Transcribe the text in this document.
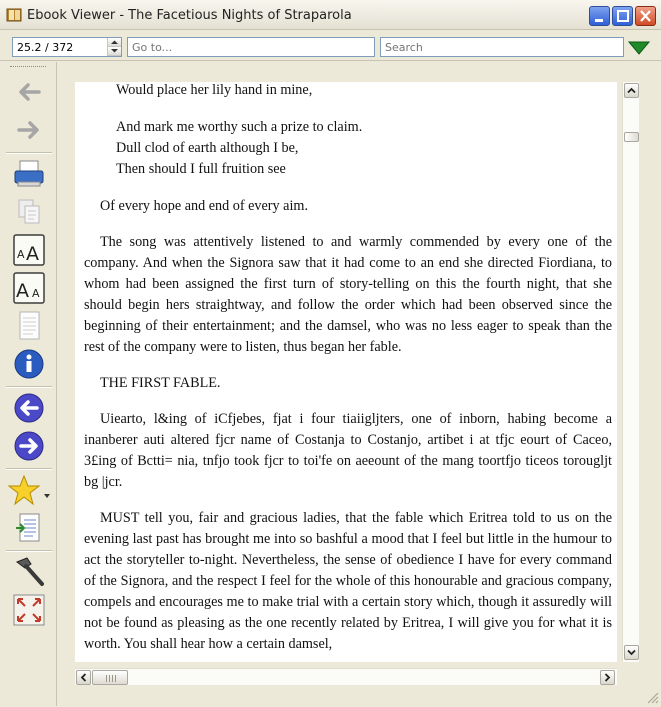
Ebook Viewer - The Facetious Nights of Straparola
25.2 / 372
Go to...
Search
A A
A A

Would place her lily hand in mine,

And mark me worthy such a prize to claim.

Dull clod of earth although I be,

Then should I full fruition see

Of every hope and end of every aim.

The song was attentively listened to and warmly commended by every one of the company. And when the Signora saw that it had come to an end she directed Fiordiana, to whom had been assigned the first turn of story-telling on this the fourth night, that she should begin hers straightway, and follow the order which had been observed since the beginning of their entertainment; and the damsel, who was no less eager to speak than the rest of the company were to listen, thus began her fable.

THE FIRST FABLE.

Uiearto, l&ing of iCfjebes, fjat i four tiaiigljters, one of inborn, habing become a inanberer auti altered fjcr name of Costanja to Costanjo, artibet i at tfjc eourt of Caceo, 3£ing of Bctti= nia, tnfjo took fjcr to toi'fe on aeeount of the mang toortfjo ticeos torougljt bg |jcr.

MUST tell you, fair and gracious ladies, that the fable which Eritrea told to us on the evening last past has brought me into so bashful a mood that I feel but little in the humour to act the storyteller to-night. Nevertheless, the sense of obedience I have for every command of the Signora, and the respect I feel for the whole of this honourable and gracious company, compels and encourages me to make trial with a certain story which, though it assuredly will not be found as pleasing as the one recently related by Eritrea, I will give you for what it is worth. You shall hear how a certain damsel,
